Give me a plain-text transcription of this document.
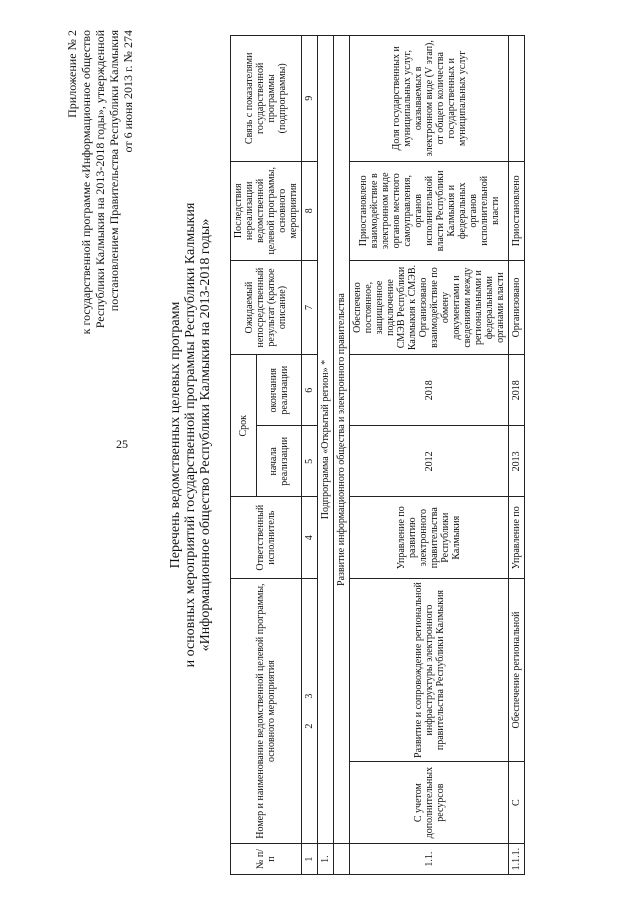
25
Приложение № 2 к государственной программе «Информационное общество Республики Калмыкия на 2013-2018 годы», утвержденной постановлением Правительства Республики Калмыкия от 6 июня 2013 г. № 274
Перечень ведомственных целевых программ и основных мероприятий государственной программы Республики Калмыкия «Информационное общество Республики Калмыкия на 2013-2018 годы»
№ п/п	Номер и наименование ведомственной целевой программы, основного мероприятия		Ответственный исполнитель	Срок		Ожидаемый непосредственный результат (краткое описание)	Последствия нереализации ведомственной целевой программы, основного мероприятия	Связь с показателями государственной программы (подпрограммы)
				начала реализации	окончания реализации			
1	2          3		4	5	6	7	8	9
1.	Подпрограмма «Открытый регион» *							
	Развитие информационного общества и электронного правительства							
1.1.	С учетом дополнительных ресурсов	Развитие и сопровождение региональной инфраструктуры электронного правительства Республики Калмыкия	Управление по развитию электронного правительства Республики Калмыкия	2012	2018	Обеспечено постоянное, защищенное подключение СМЭВ Республики Калмыкия к СМЭВ. Организовано взаимодействие по обмену документами и сведениями между региональными и федеральными органами власти	Приостановлено взаимодействие в электронном виде органов местного самоуправления, органов исполнительной власти Республики Калмыкия и федеральных органов исполнительной власти	Доля государственных и муниципальных услуг, оказываемых в электронном виде (V этап), от общего количества государственных и муниципальных услуг
1.1.1.	С	Обеспечение региональной	Управление по	2013	2018	Организовано	Приостановлено	
